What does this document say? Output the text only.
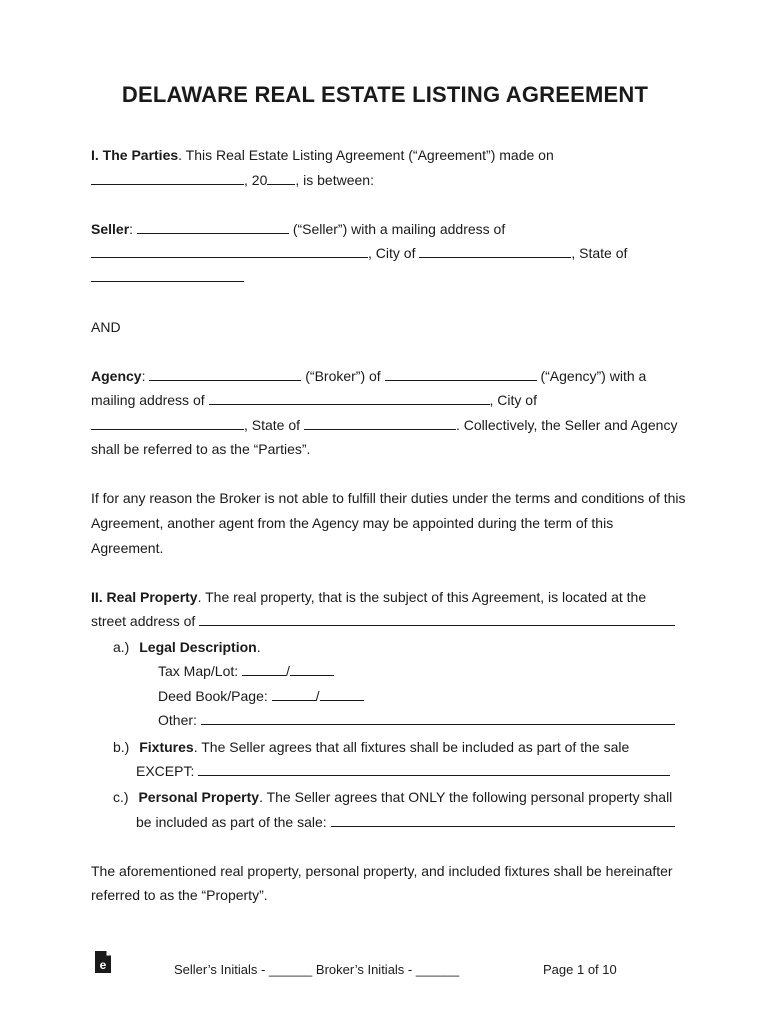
DELAWARE REAL ESTATE LISTING AGREEMENT
I. The Parties. This Real Estate Listing Agreement (“Agreement”) made on
, 20 , is between:
Seller:	(“Seller”) with a mailing address of
, City of	, State of
AND
Agency:	(“Broker”) of	(“Agency”) with a
mailing address of	, City of
, State of	. Collectively, the Seller and Agency
shall be referred to as the “Parties”.
If for any reason the Broker is not able to fulfill their duties under the terms and conditions of this
Agreement, another agent from the Agency may be appointed during the term of this
Agreement.
II. Real Property. The real property, that is the subject of this Agreement, is located at the
street address of
a.) Legal Description.
Tax Map/Lot:	/
Deed Book/Page:	/
Other:
b.) Fixtures. The Seller agrees that all fixtures shall be included as part of the sale
EXCEPT:
c.) Personal Property. The Seller agrees that ONLY the following personal property shall
be included as part of the sale:
The aforementioned real property, personal property, and included fixtures shall be hereinafter
referred to as the “Property”.
e	Seller’s Initials - ______ Broker’s Initials - ______	Page 1 of 10
